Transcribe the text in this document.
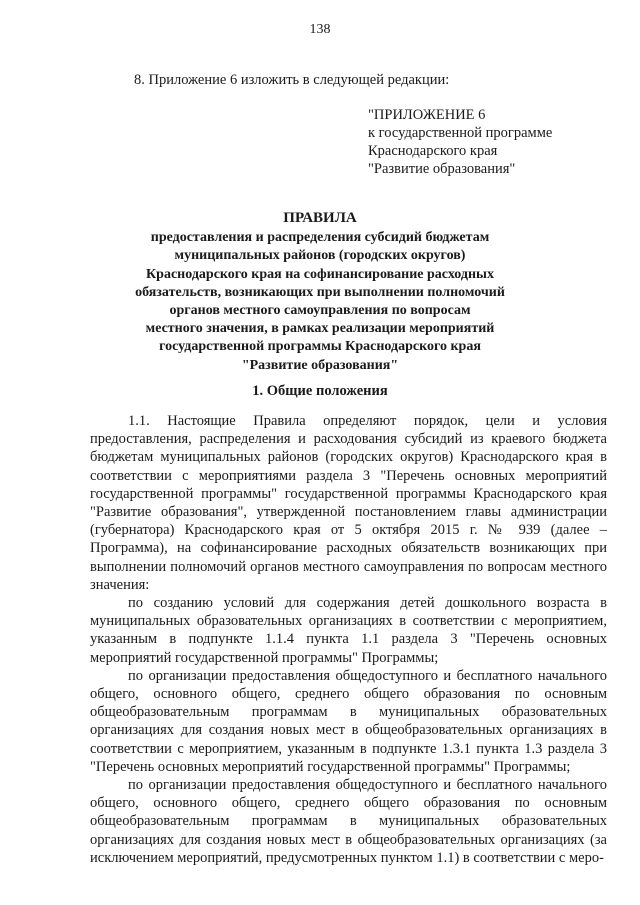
138
8. Приложение 6 изложить в следующей редакции:
"ПРИЛОЖЕНИЕ 6
к государственной программе
Краснодарского края
"Развитие образования"
ПРАВИЛА
предоставления и распределения субсидий бюджетам
муниципальных районов (городских округов)
Краснодарского края на софинансирование расходных
обязательств, возникающих при выполнении полномочий
органов местного самоуправления по вопросам
местного значения, в рамках реализации мероприятий
государственной программы Краснодарского края
"Развитие образования"
1. Общие положения

1.1. Настоящие Правила определяют порядок, цели и условия предоставления, распределения и расходования субсидий из краевого бюджета бюджетам муниципальных районов (городских округов) Краснодарского края в соответствии с мероприятиями раздела 3 "Перечень основных мероприятий государственной программы" государственной программы Краснодарского края "Развитие образования", утвержденной постановлением главы администрации (губернатора) Краснодарского края от 5 октября 2015 г. № 939 (далее – Программа), на софинансирование расходных обязательств возникающих при выполнении полномочий органов местного самоуправления по вопросам местного значения:

по созданию условий для содержания детей дошкольного возраста в муниципальных образовательных организациях в соответствии с мероприятием, указанным в подпункте 1.1.4 пункта 1.1 раздела 3 "Перечень основных мероприятий государственной программы" Программы;

по организации предоставления общедоступного и бесплатного начального общего, основного общего, среднего общего образования по основным общеобразовательным программам в муниципальных образовательных организациях для создания новых мест в общеобразовательных организациях в соответствии с мероприятием, указанным в подпункте 1.3.1 пункта 1.3 раздела 3 "Перечень основных мероприятий государственной программы" Программы;

по организации предоставления общедоступного и бесплатного начального общего, основного общего, среднего общего образования по основным общеобразовательным программам в муниципальных образовательных организациях для создания новых мест в общеобразовательных организациях (за исключением мероприятий, предусмотренных пунктом 1.1) в соответствии с меро-
